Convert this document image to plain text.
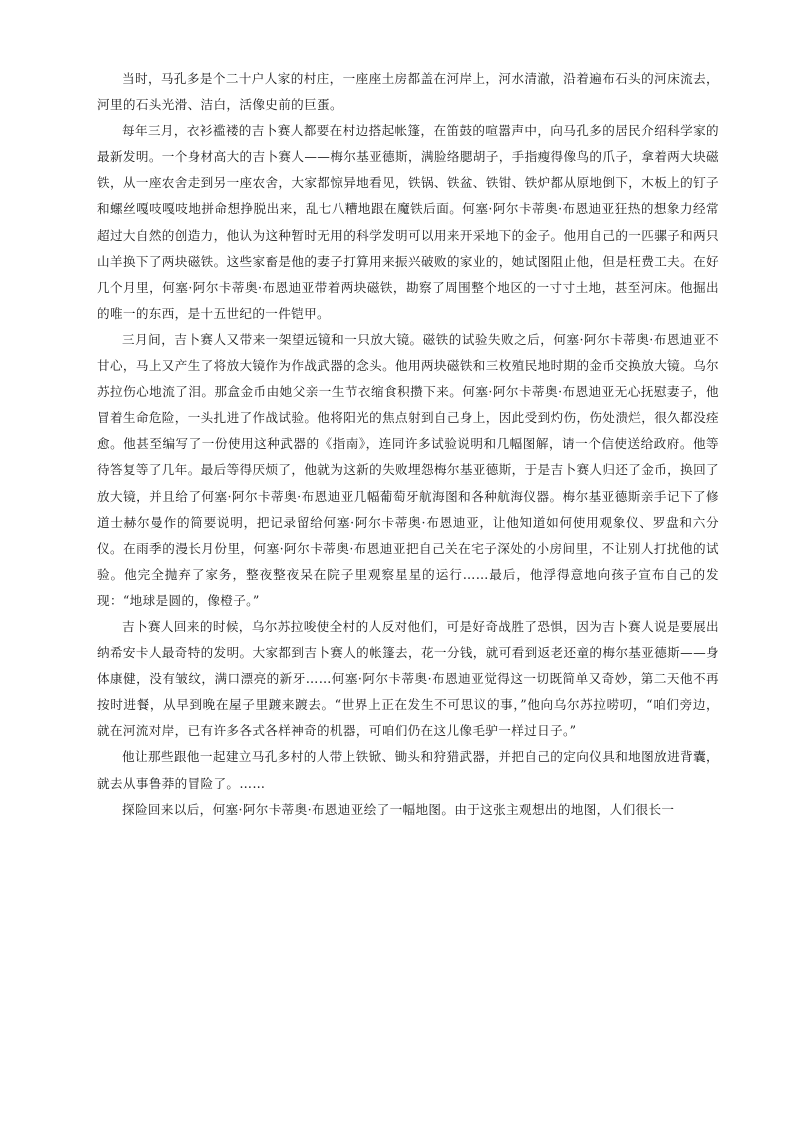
当时，马孔多是个二十户人家的村庄，一座座土房都盖在河岸上，河水清澈，沿着遍布石头的河床流去，河里的石头光滑、洁白，活像史前的巨蛋。

每年三月，衣衫褴褛的吉卜赛人都要在村边搭起帐篷，在笛鼓的喧嚣声中，向马孔多的居民介绍科学家的最新发明。一个身材高大的吉卜赛人——梅尔基亚德斯，满脸络腮胡子，手指瘦得像鸟的爪子，拿着两大块磁铁，从一座农舍走到另一座农舍，大家都惊异地看见，铁锅、铁盆、铁钳、铁炉都从原地倒下，木板上的钉子和螺丝嘎吱嘎吱地拼命想挣脱出来，乱七八糟地跟在魔铁后面。何塞·阿尔卡蒂奥·布恩迪亚狂热的想象力经常超过大自然的创造力，他认为这种暂时无用的科学发明可以用来开采地下的金子。他用自己的一匹骡子和两只山羊换下了两块磁铁。这些家畜是他的妻子打算用来振兴破败的家业的，她试图阻止他，但是枉费工夫。在好几个月里，何塞·阿尔卡蒂奥·布恩迪亚带着两块磁铁，勘察了周围整个地区的一寸寸土地，甚至河床。他掘出的唯一的东西，是十五世纪的一件铠甲。

三月间，吉卜赛人又带来一架望远镜和一只放大镜。磁铁的试验失败之后，何塞·阿尔卡蒂奥·布恩迪亚不甘心，马上又产生了将放大镜作为作战武器的念头。他用两块磁铁和三枚殖民地时期的金币交换放大镜。乌尔苏拉伤心地流了泪。那盒金币由她父亲一生节衣缩食积攒下来。何塞·阿尔卡蒂奥·布恩迪亚无心抚慰妻子，他冒着生命危险，一头扎进了作战试验。他将阳光的焦点射到自己身上，因此受到灼伤，伤处溃烂，很久都没痊愈。他甚至编写了一份使用这种武器的《指南》，连同许多试验说明和几幅图解，请一个信使送给政府。他等待答复等了几年。最后等得厌烦了，他就为这新的失败埋怨梅尔基亚德斯，于是吉卜赛人归还了金币，换回了放大镜，并且给了何塞·阿尔卡蒂奥·布恩迪亚几幅葡萄牙航海图和各种航海仪器。梅尔基亚德斯亲手记下了修道士赫尔曼作的简要说明，把记录留给何塞·阿尔卡蒂奥·布恩迪亚，让他知道如何使用观象仪、罗盘和六分仪。在雨季的漫长月份里，何塞·阿尔卡蒂奥·布恩迪亚把自己关在宅子深处的小房间里，不让别人打扰他的试验。他完全抛弃了家务，整夜整夜呆在院子里观察星星的运行……最后，他浮得意地向孩子宣布自己的发现：“地球是圆的，像橙子。”

吉卜赛人回来的时候，乌尔苏拉唆使全村的人反对他们，可是好奇战胜了恐惧，因为吉卜赛人说是要展出纳希安卡人最奇特的发明。大家都到吉卜赛人的帐篷去，花一分钱，就可看到返老还童的梅尔基亚德斯——身体康健，没有皱纹，满口漂亮的新牙……何塞·阿尔卡蒂奥·布恩迪亚觉得这一切既简单又奇妙，第二天他不再按时进餐，从早到晚在屋子里踱来踱去。“世界上正在发生不可思议的事，”他向乌尔苏拉唠叨，“咱们旁边，就在河流对岸，已有许多各式各样神奇的机器，可咱们仍在这儿像毛驴一样过日子。”

他让那些跟他一起建立马孔多村的人带上铁锨、锄头和狩猎武器，并把自己的定向仪具和地图放进背囊，就去从事鲁莽的冒险了。……

探险回来以后，何塞·阿尔卡蒂奥·布恩迪亚绘了一幅地图。由于这张主观想出的地图，人们很长一
